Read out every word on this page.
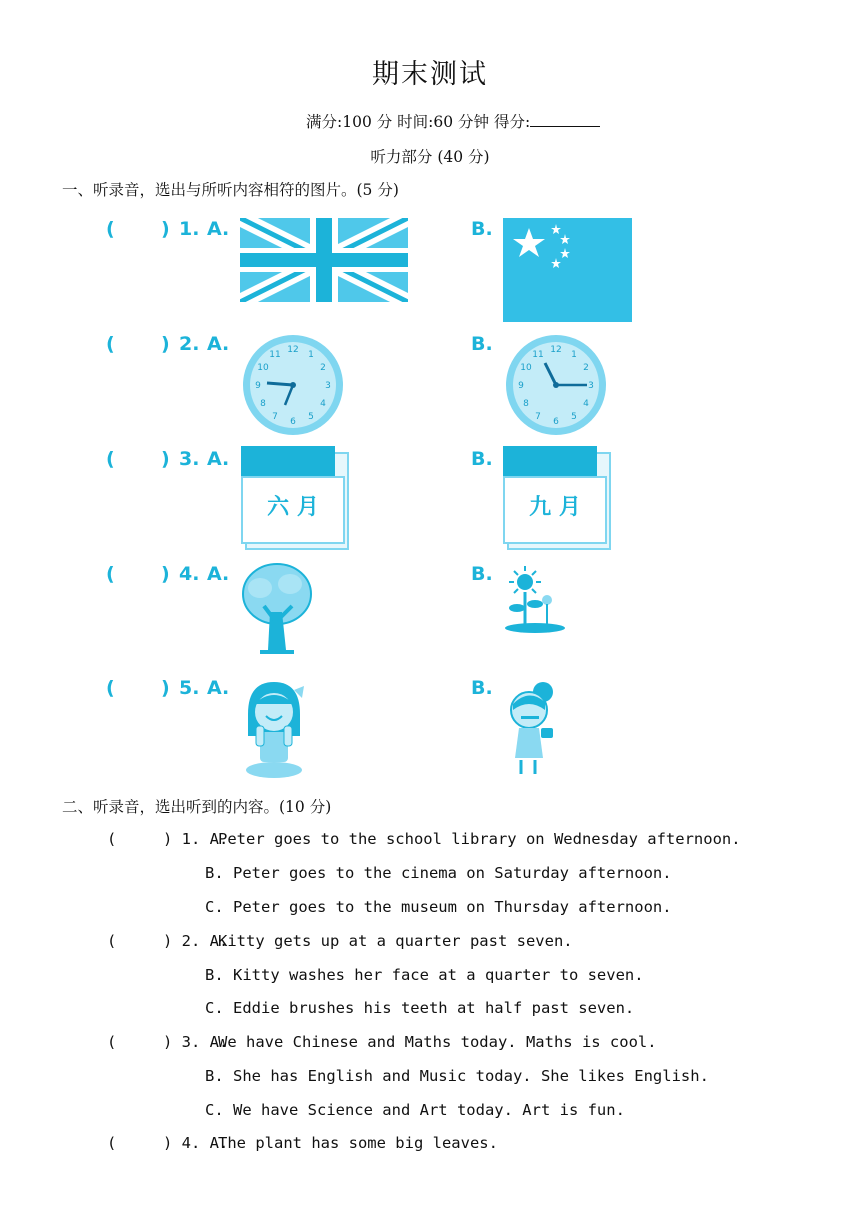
期末测试
满分:100 分 时间:60 分钟 得分:
听力部分 (40 分)
一、听录音，选出与所听内容相符的图片。(5 分)
( ) 1. A.	B.
( ) 2. A.	B.
12 1
2
3
4
5
6
7
8
9
10
11	12 1
2
3
4
5
6
7
8
9
10
11
( ) 3. A.	B.
六 月	九 月
( ) 4. A.	B.
( ) 5. A.	B.
二、听录音，选出听到的内容。(10 分)
(     ) 1. A.
Peter goes to the school library on Wednesday afternoon.
B. Peter goes to the cinema on Saturday afternoon.
C. Peter goes to the museum on Thursday afternoon.
(     ) 2. A.
Kitty gets up at a quarter past seven.
B. Kitty washes her face at a quarter to seven.
C. Eddie brushes his teeth at half past seven.
(     ) 3. A.
We have Chinese and Maths today. Maths is cool.
B. She has English and Music today. She likes English.
C. We have Science and Art today. Art is fun.
(     ) 4. A.
The plant has some big leaves.
